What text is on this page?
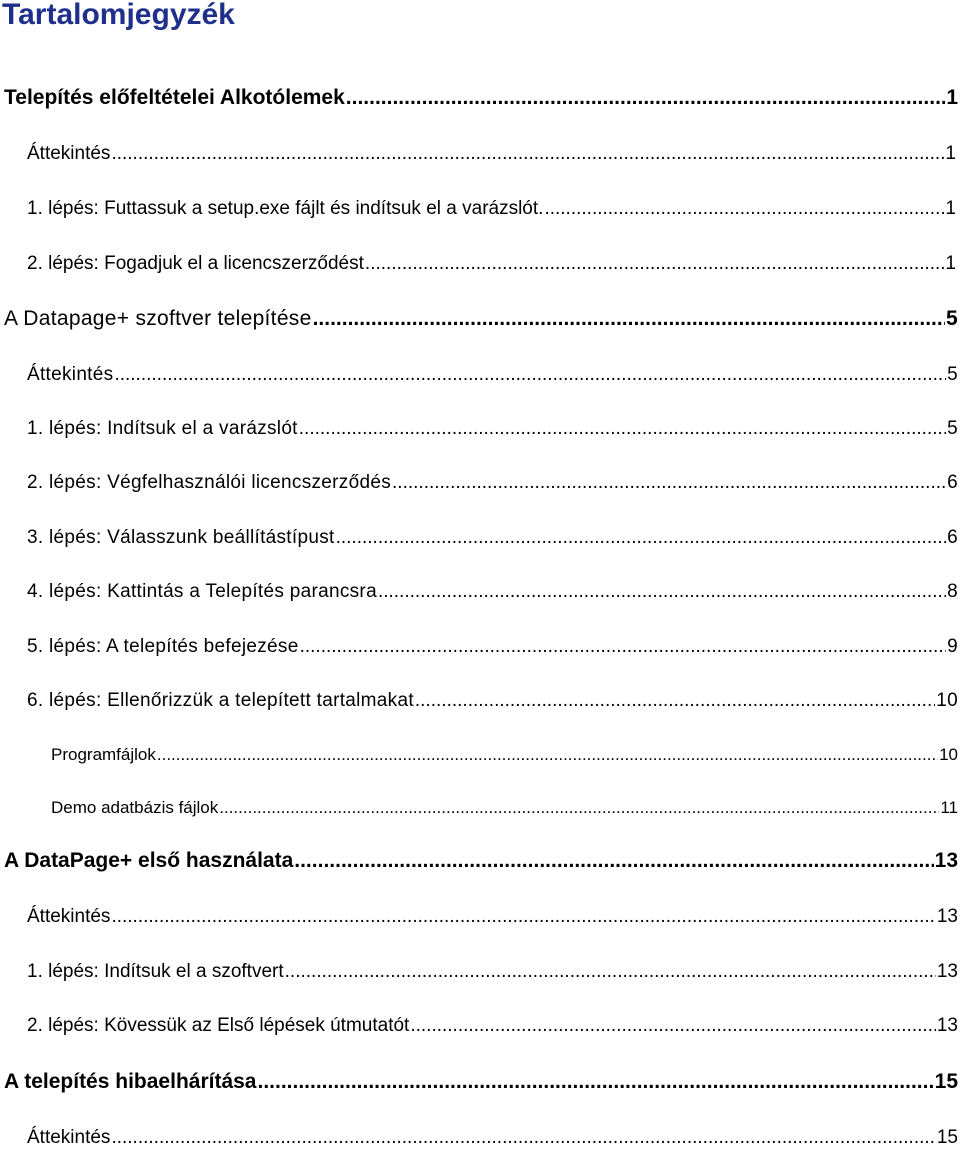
Tartalomjegyzék
Telepítés előfeltételei Alkotólemek .....	1
Áttekintés .....	1
1. lépés: Futtassuk a setup.exe fájlt és indítsuk el a varázslót. .....	1
2. lépés: Fogadjuk el a licencszerződést .....	1
A Datapage+ szoftver telepítése .....	5
Áttekintés .....	5
1. lépés: Indítsuk el a varázslót .....	5
2. lépés: Végfelhasználói licencszerződés .....	6
3. lépés: Válasszunk beállítástípust .....	6
4. lépés: Kattintás a Telepítés parancsra .....	8
5. lépés: A telepítés befejezése .....	9
6. lépés: Ellenőrizzük a telepített tartalmakat .....	10
Programfájlok .....	10
Demo adatbázis fájlok .....	11
A DataPage+ első használata .....	13
Áttekintés .....	13
1. lépés: Indítsuk el a szoftvert .....	13
2. lépés: Kövessük az Első lépések útmutatót .....	13
A telepítés hibaelhárítása .....	15
Áttekintés .....	15
